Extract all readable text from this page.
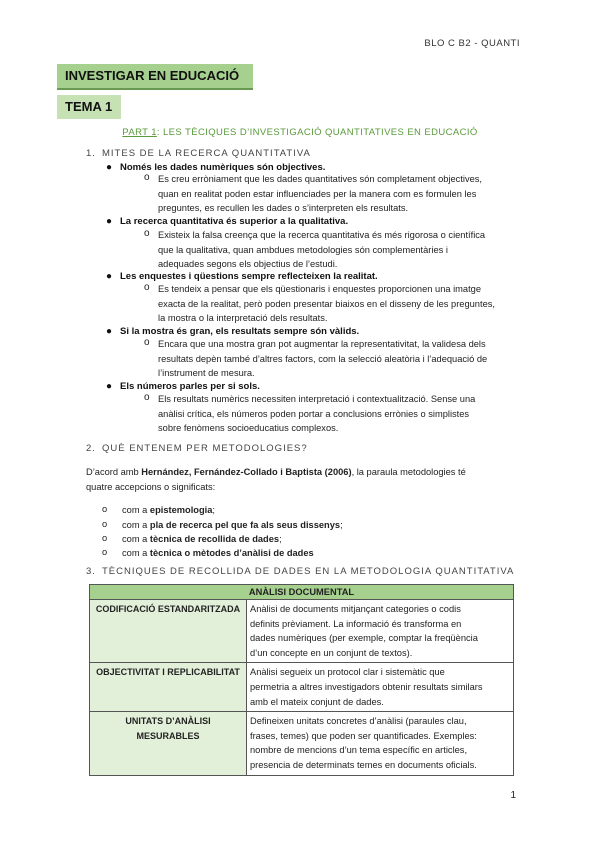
BLO C B2 - QUANTI
INVESTIGAR EN EDUCACIÓ
TEMA 1
PART 1: LES TÈCIQUES D’INVESTIGACIÓ QUANTITATIVES EN EDUCACIÓ
1. MITES DE LA RECERCA QUANTITATIVA
● Només les dades numèriques són objectives.
o Es creu erròniament que les dades quantitatives són completament objectives,
quan en realitat poden estar influenciades per la manera com es formulen les
preguntes, es recullen les dades o s’interpreten els resultats.
● La recerca quantitativa és superior a la qualitativa.
o Existeix la falsa creença que la recerca quantitativa és més rigorosa o científica
que la qualitativa, quan ambdues metodologies són complementàries i
adequades segons els objectius de l’estudi.
● Les enquestes i qüestions sempre reflecteixen la realitat.
o Es tendeix a pensar que els qüestionaris i enquestes proporcionen una imatge
exacta de la realitat, però poden presentar biaixos en el disseny de les preguntes,
la mostra o la interpretació dels resultats.
● Si la mostra és gran, els resultats sempre són vàlids.
o Encara que una mostra gran pot augmentar la representativitat, la validesa dels
resultats depèn també d’altres factors, com la selecció aleatòria i l’adequació de
l’instrument de mesura.
● Els números parles per si sols.
o Els resultats numèrics necessiten interpretació i contextualització. Sense una
anàlisi crítica, els números poden portar a conclusions errònies o simplistes
sobre fenòmens socioeducatius complexos.
2. QUÈ ENTENEM PER METODOLOGIES?
D’acord amb Hernández, Fernández-Collado i Baptista (2006), la paraula metodologies té
quatre accepcions o significats:
o com a epistemologia;
o com a pla de recerca pel que fa als seus dissenys;
o com a tècnica de recollida de dades;
o com a tècnica o mètodes d’anàlisi de dades
3. TÈCNIQUES DE RECOLLIDA DE DADES EN LA METODOLOGIA QUANTITATIVA
ANÀLISI DOCUMENTAL	
CODIFICACIÓ ESTANDARITZADA	Anàlisi de documents mitjançant categories o codis
definits prèviament. La informació és transforma en
dades numèriques (per exemple, comptar la freqüència
d’un concepte en un conjunt de textos).

OBJECTIVITAT I REPLICABILITAT	Anàlisi segueix un protocol clar i sistemàtic que
permetria a altres investigadors obtenir resultats similars
amb el mateix conjunt de dades.

UNITATS D’ANÀLISI MESURABLES	Defineixen unitats concretes d’anàlisi (paraules clau,
frases, temes) que poden ser quantificades. Exemples:
nombre de mencions d’un tema específic en articles,
presencia de determinats temes en documents oficials.
1
